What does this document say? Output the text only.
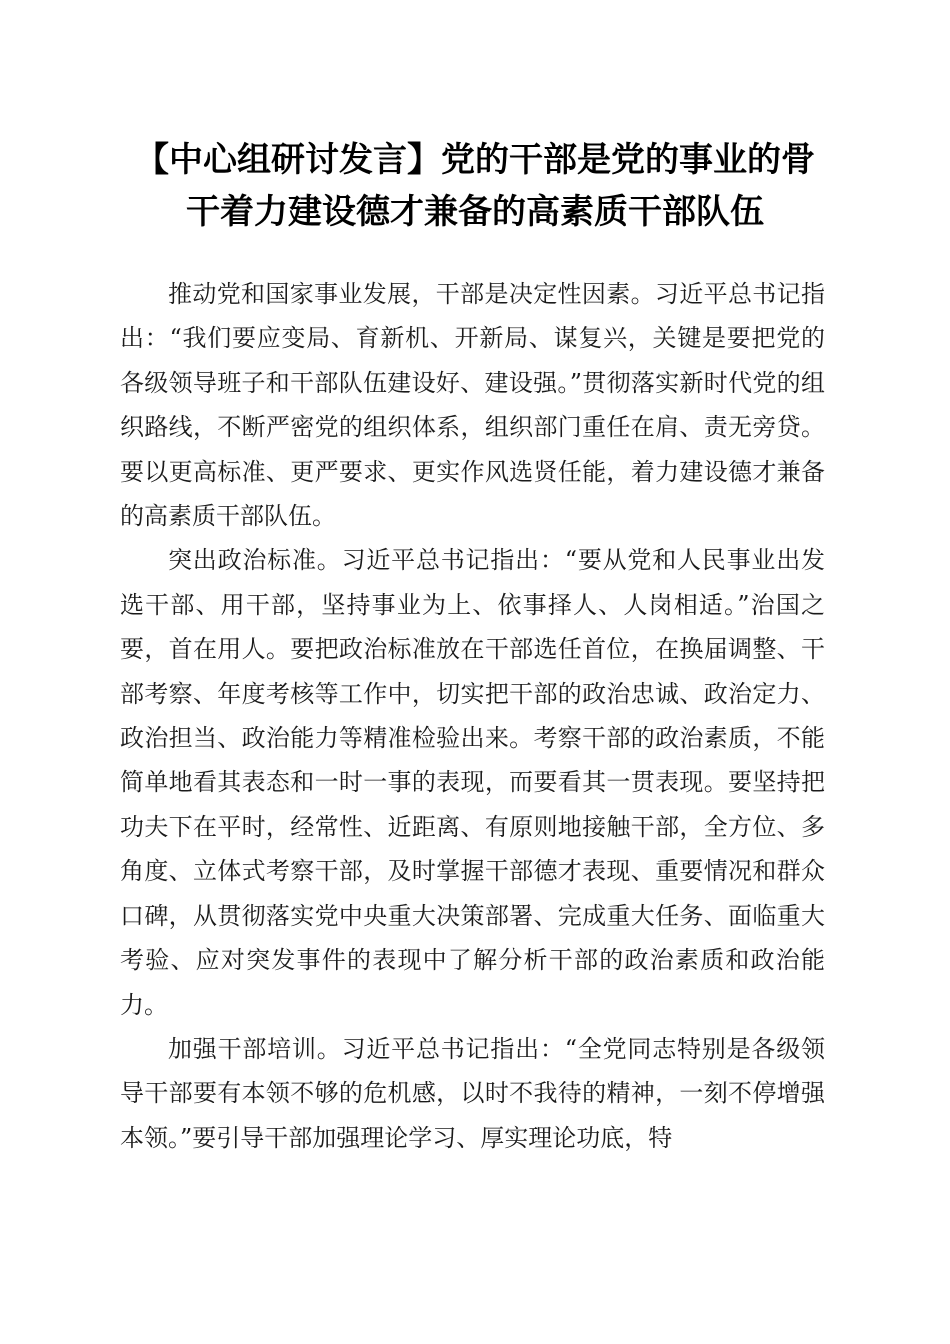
【中心组研讨发言】党的干部是党的事业的骨
干着力建设德才兼备的高素质干部队伍

推动党和国家事业发展，干部是决定性因素。习近平总书记指出：“我们要应变局、育新机、开新局、谋复兴，关键是要把党的各级领导班子和干部队伍建设好、建设强。”贯彻落实新时代党的组织路线，不断严密党的组织体系，组织部门重任在肩、责无旁贷。要以更高标准、更严要求、更实作风选贤任能，着力建设德才兼备的高素质干部队伍。

突出政治标准。习近平总书记指出：“要从党和人民事业出发选干部、用干部，坚持事业为上、依事择人、人岗相适。”治国之要，首在用人。要把政治标准放在干部选任首位，在换届调整、干部考察、年度考核等工作中，切实把干部的政治忠诚、政治定力、政治担当、政治能力等精准检验出来。考察干部的政治素质，不能简单地看其表态和一时一事的表现，而要看其一贯表现。要坚持把功夫下在平时，经常性、近距离、有原则地接触干部，全方位、多角度、立体式考察干部，及时掌握干部德才表现、重要情况和群众口碑，从贯彻落实党中央重大决策部署、完成重大任务、面临重大考验、应对突发事件的表现中了解分析干部的政治素质和政治能力。

加强干部培训。习近平总书记指出：“全党同志特别是各级领导干部要有本领不够的危机感，以时不我待的精神，一刻不停增强本领。”要引导干部加强理论学习、厚实理论功底，特
